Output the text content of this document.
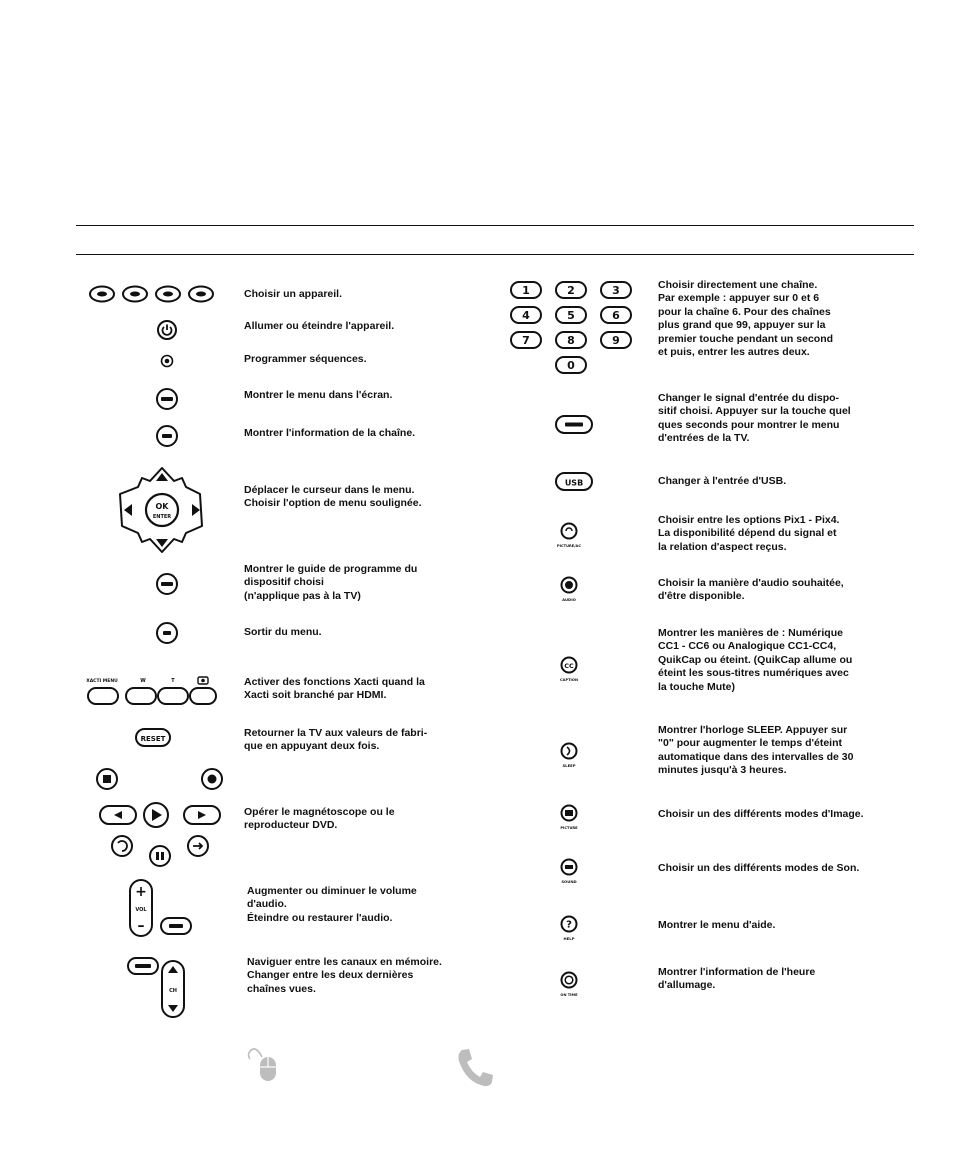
Choisir un appareil.
Allumer ou éteindre l'appareil.
Programmer séquences.
Montrer le menu dans l'écran.
Montrer l'information de la chaîne.
OK
ENTER
Déplacer le curseur dans le menu.
Choisir l'option de menu soulignée.
Montrer le guide de programme du
dispositif choisi
(n'applique pas à la TV)
Sortir du menu.
XACTI MENU	W	T	Activer des fonctions Xacti quand la
Xacti soit branché par HDMI.
RESET	Retourner la TV aux valeurs de fabri-
que en appuyant deux fois.
Opérer le magnétoscope ou le
reproducteur DVD.
+
VOL
–
Augmenter ou diminuer le volume
d'audio.
Éteindre ou restaurer l'audio.
CH
Naviguer entre les canaux en mémoire.
Changer entre les deux dernières
chaînes vues.
1	2	3
4	5	6
7	8	9
0
Choisir directement une chaîne.
Par exemple : appuyer sur 0 et 6
pour la chaîne 6. Pour des chaînes
plus grand que 99, appuyer sur la
premier touche pendant un second
et puis, entrer les autres deux.
Changer le signal d'entrée du dispo-
sitif choisi. Appuyer sur la touche quel
ques seconds pour montrer le menu
d'entrées de la TV.
USB	Changer à l'entrée d'USB.
PICTURE/AC
Choisir entre les options Pix1 - Pix4.
La disponibilité dépend du signal et
la relation d'aspect reçus.
AUDIO
Choisir la manière d'audio souhaitée,
d'être disponible.
CC
CAPTION
Montrer les manières de : Numérique
CC1 - CC6 ou Analogique CC1-CC4,
QuikCap ou éteint. (QuikCap allume ou
éteint les sous-titres numériques avec
la touche Mute)
SLEEP
Montrer l'horloge SLEEP. Appuyer sur
"0" pour augmenter le temps d'éteint
automatique dans des intervalles de 30
minutes jusqu'à 3 heures.
PICTURE
Choisir un des différents modes d'Image.
SOUND
Choisir un des différents modes de Son.
?
HELP
Montrer le menu d'aide.
ON TIME
Montrer l'information de l'heure
d'allumage.
